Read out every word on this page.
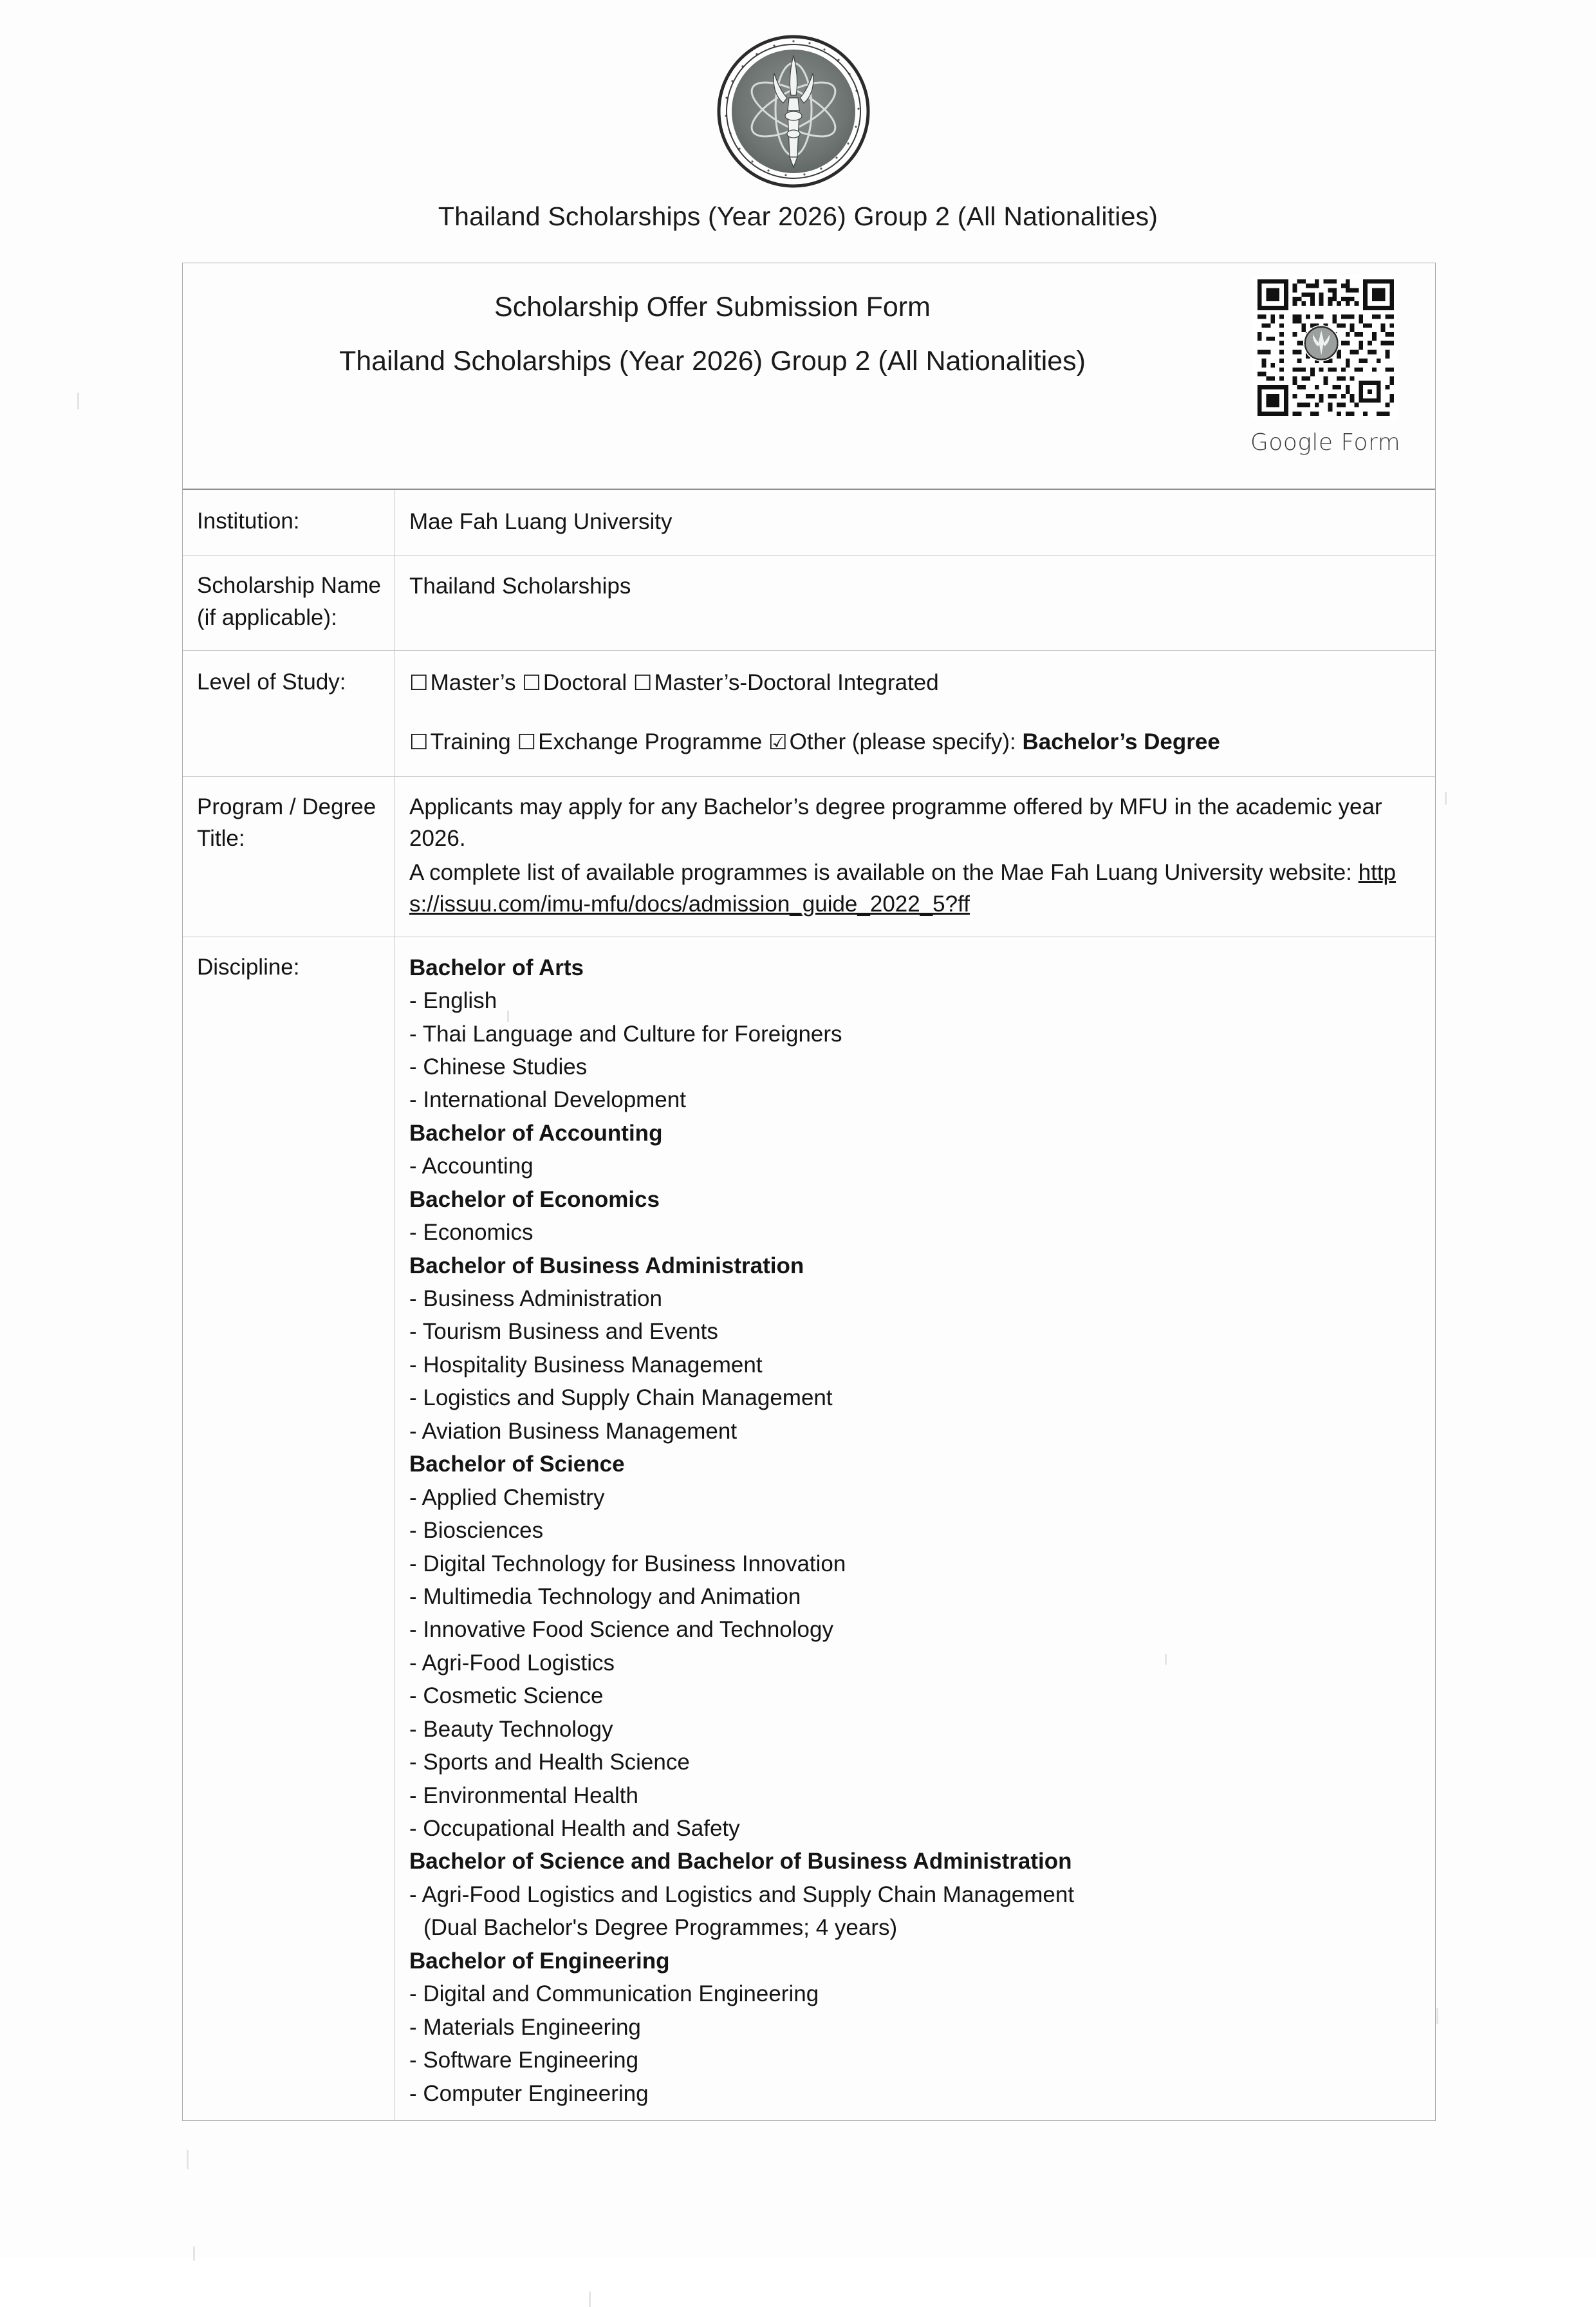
Thailand Scholarships (Year 2026) Group 2 (All Nationalities)
Scholarship Offer Submission Form
Thailand Scholarships (Year 2026) Group 2 (All Nationalities)
Google Form
Institution:	Mae Fah Luang University
Scholarship Name (if applicable):
Thailand Scholarships
Level of Study:	☐Master’s ☐Doctoral ☐Master’s-Doctoral Integrated
☐Training ☐Exchange Programme ☑Other (please specify): Bachelor’s Degree
Program / Degree Title:

Applicants may apply for any Bachelor’s degree programme offered by MFU in the academic year 2026.

A complete list of available programmes is available on the Mae Fah Luang University website: https://issuu.com/imu-mfu/docs/admission_guide_2022_5?ff

Discipline:	Bachelor of Arts
- English
- Thai Language and Culture for Foreigners
- Chinese Studies
- International Development
Bachelor of Accounting
- Accounting
Bachelor of Economics
- Economics
Bachelor of Business Administration
- Business Administration
- Tourism Business and Events
- Hospitality Business Management
- Logistics and Supply Chain Management
- Aviation Business Management
Bachelor of Science
- Applied Chemistry
- Biosciences
- Digital Technology for Business Innovation
- Multimedia Technology and Animation
- Innovative Food Science and Technology
- Agri-Food Logistics
- Cosmetic Science
- Beauty Technology
- Sports and Health Science
- Environmental Health
- Occupational Health and Safety
Bachelor of Science and Bachelor of Business Administration
- Agri-Food Logistics and Logistics and Supply Chain Management
(Dual Bachelor's Degree Programmes; 4 years)
Bachelor of Engineering
- Digital and Communication Engineering
- Materials Engineering
- Software Engineering
- Computer Engineering
